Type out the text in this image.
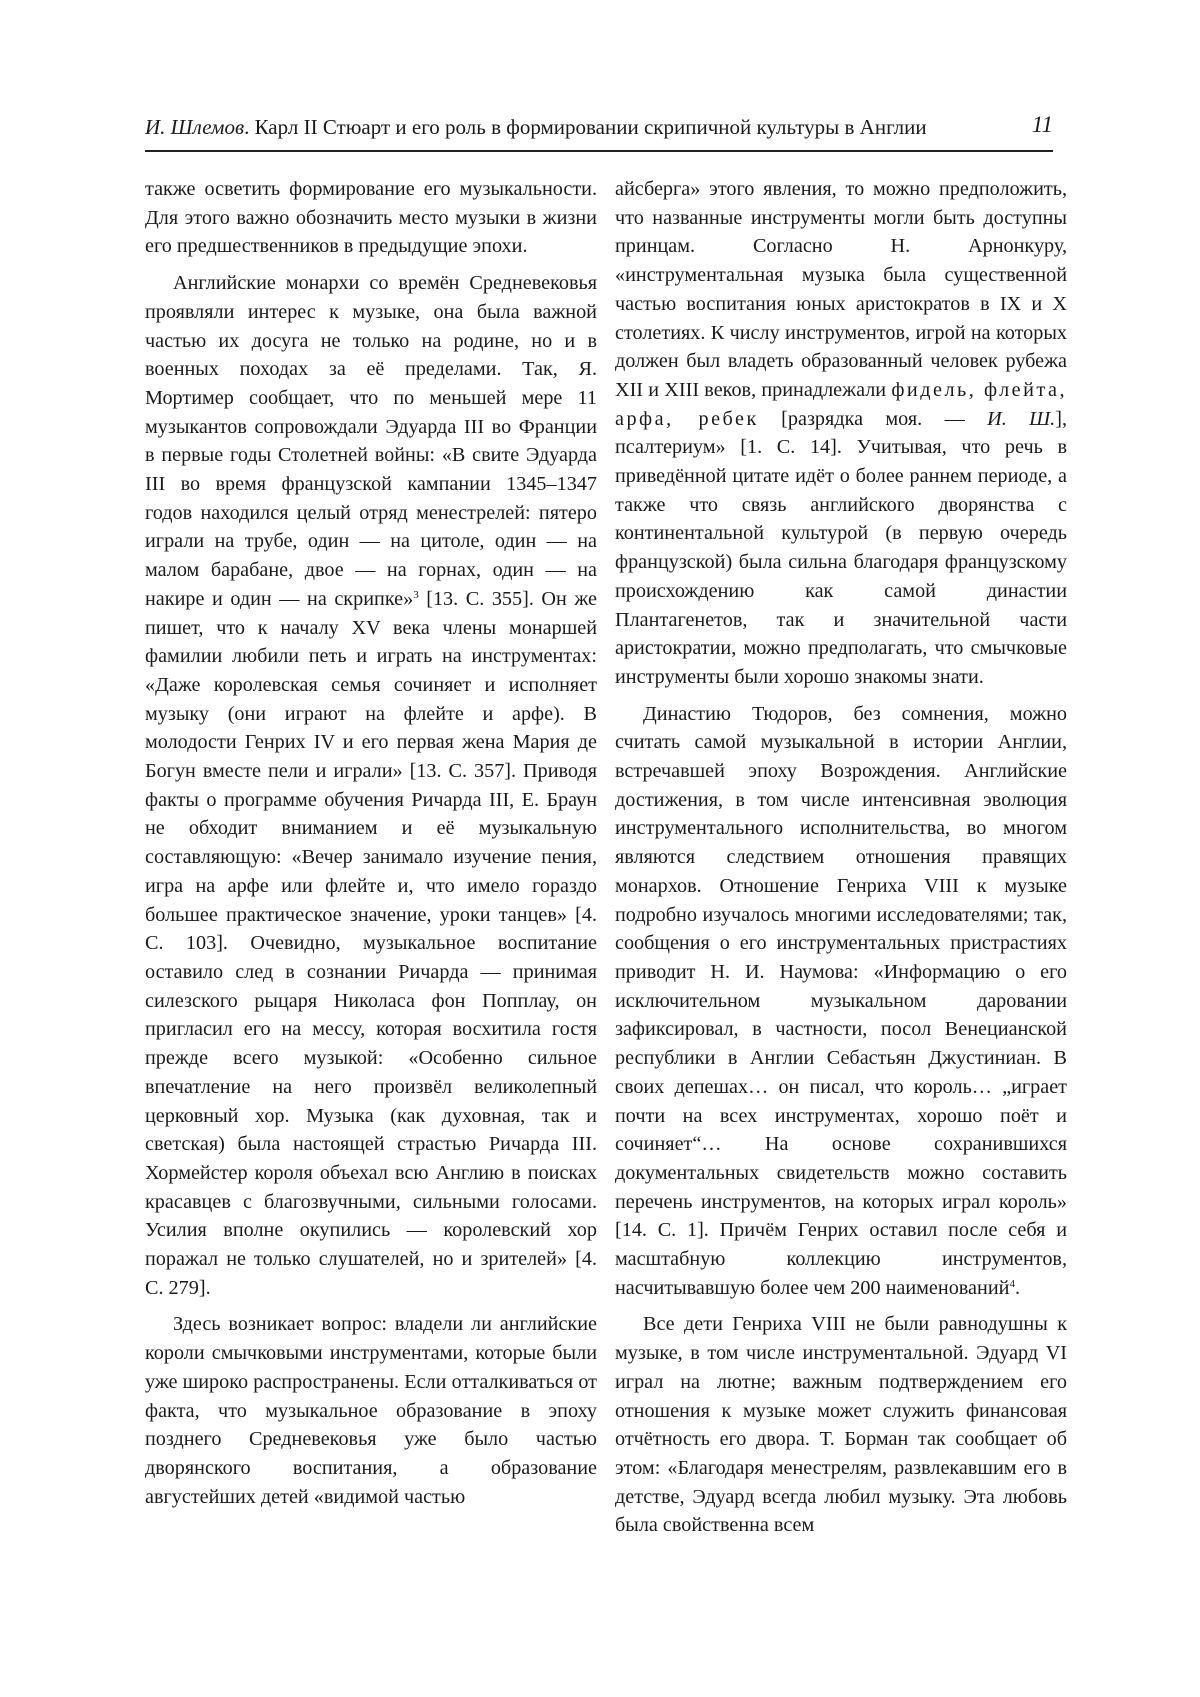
И. Шлемов. Карл II Стюарт и его роль в формировании скрипичной культуры в Англии	11

также осветить формирование его музыкальности. Для этого важно обозначить место музыки в жизни его предшественников в предыдущие эпохи.

Английские монархи со времён Средневековья проявляли интерес к музыке, она была важной частью их досуга не только на родине, но и в военных походах за её пределами. Так, Я. Мортимер сообщает, что по меньшей мере 11 музыкантов сопровождали Эдуарда III во Франции в первые годы Столетней войны: «В свите Эдуарда III во время французской кампании 1345–1347 годов находился целый отряд менестрелей: пятеро играли на трубе, один — на цитоле, один — на малом барабане, двое — на горнах, один — на накире и один — на скрипке»$^3$ [13. С. 355]. Он же пишет, что к началу XV века члены монаршей фамилии любили петь и играть на инструментах: «Даже королевская семья сочиняет и исполняет музыку (они играют на флейте и арфе). В молодости Генрих IV и его первая жена Мария де Богун вместе пели и играли» [13. С. 357]. Приводя факты о программе обучения Ричарда III, Е. Браун не обходит вниманием и её музыкальную составляющую: «Вечер занимало изучение пения, игра на арфе или флейте и, что имело гораздо большее практическое значение, уроки танцев» [4. С. 103]. Очевидно, музыкальное воспитание оставило след в сознании Ричарда — принимая силезского рыцаря Николаса фон Попплау, он пригласил его на мессу, которая восхитила гостя прежде всего музыкой: «Особенно сильное впечатление на него произвёл великолепный церковный хор. Музыка (как духовная, так и светская) была настоящей страстью Ричарда III. Хормейстер короля объехал всю Англию в поисках красавцев с благозвучными, сильными голосами. Усилия вполне окупились — королевский хор поражал не только слушателей, но и зрителей» [4. С. 279].

Здесь возникает вопрос: владели ли английские короли смычковыми инструментами, которые были уже широко распространены. Если отталкиваться от факта, что музыкальное образование в эпоху позднего Средневековья уже было частью дворянского воспитания, а образование августейших детей «видимой частью

айсберга» этого явления, то можно предположить, что названные инструменты могли быть доступны принцам. Согласно Н. Арнонкуру, «инструментальная музыка была существенной частью воспитания юных аристократов в IX и X столетиях. К числу инструментов, игрой на которых должен был владеть образованный человек рубежа XII и XIII веков, принадлежали фидель, флейта, арфа, ребек [разрядка моя. — И. Ш.], псалтериум» [1. С. 14]. Учитывая, что речь в приведённой цитате идёт о более раннем периоде, а также что связь английского дворянства с континентальной культурой (в первую очередь французской) была сильна благодаря французскому происхождению как самой династии Плантагенетов, так и значительной части аристократии, можно предполагать, что смычковые инструменты были хорошо знакомы знати.

Династию Тюдоров, без сомнения, можно считать самой музыкальной в истории Англии, встречавшей эпоху Возрождения. Английские достижения, в том числе интенсивная эволюция инструментального исполнительства, во многом являются следствием отношения правящих монархов. Отношение Генриха VIII к музыке подробно изучалось многими исследователями; так, сообщения о его инструментальных пристрастиях приводит Н. И. Наумова: «Информацию о его исключительном музыкальном даровании зафиксировал, в частности, посол Венецианской республики в Англии Себастьян Джустиниан. В своих депешах… он писал, что король… „играет почти на всех инструментах, хорошо поёт и сочиняет“… На основе сохранившихся документальных свидетельств можно составить перечень инструментов, на которых играл король» [14. С. 1]. Причём Генрих оставил после себя и масштабную коллекцию инструментов, насчитывавшую более чем 200 наименований$^4$.

Все дети Генриха VIII не были равнодушны к музыке, в том числе инструментальной. Эдуард VI играл на лютне; важным подтверждением его отношения к музыке может служить финансовая отчётность его двора. Т. Борман так сообщает об этом: «Благодаря менестрелям, развлекавшим его в детстве, Эдуард всегда любил музыку. Эта любовь была свойственна всем
